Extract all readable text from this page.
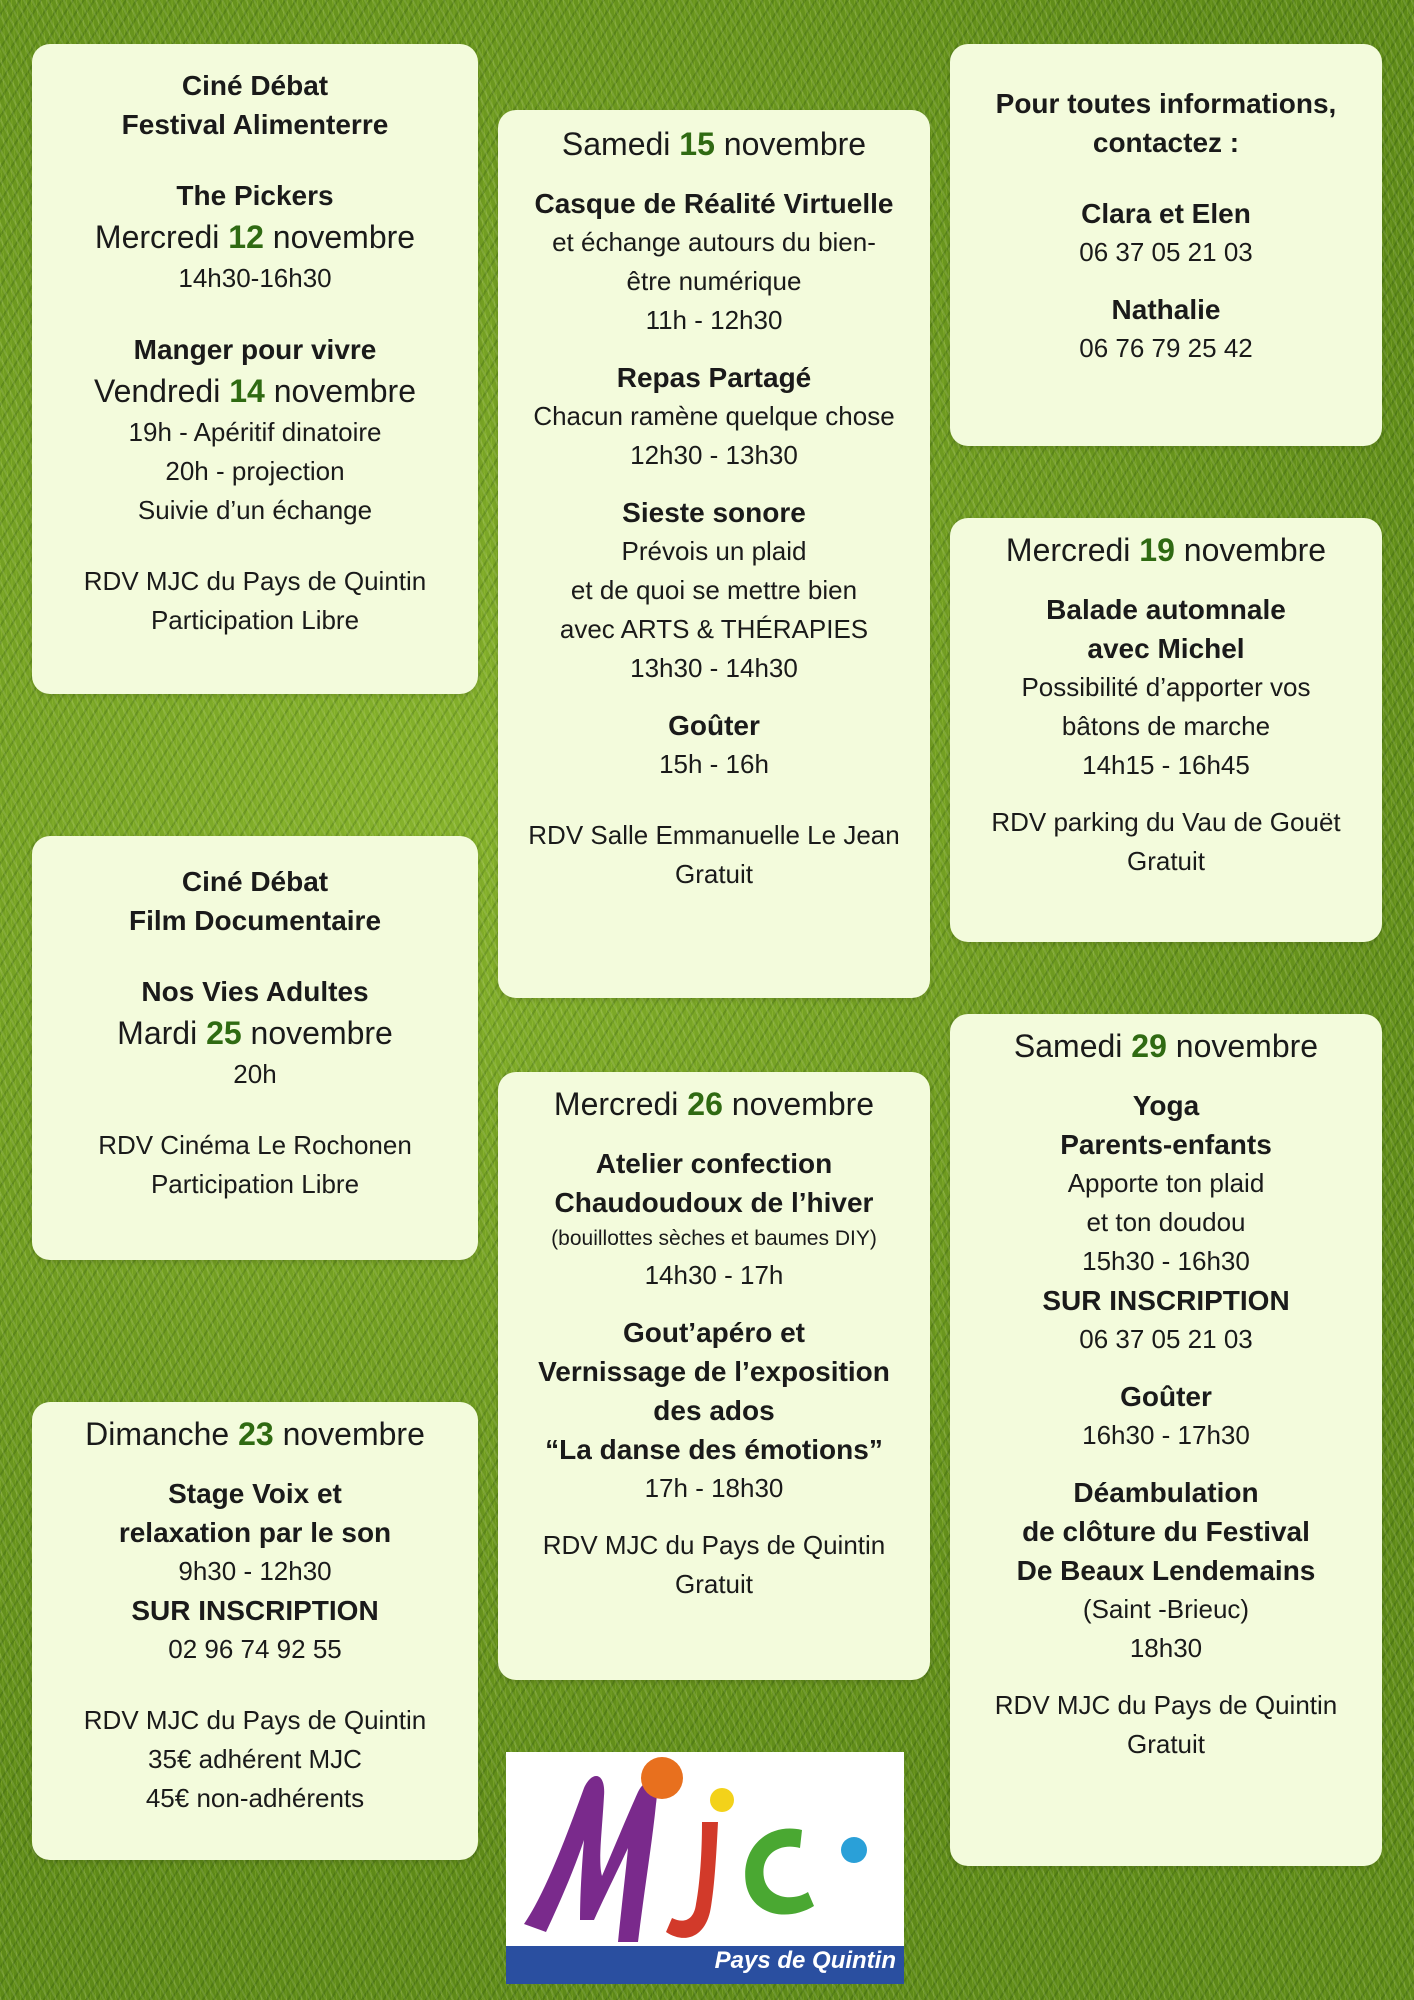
Ciné Débat

Festival Alimenterre

The Pickers

Mercredi 12 novembre

14h30-16h30

Manger pour vivre

Vendredi 14 novembre

19h - Apéritif dinatoire

20h - projection

Suivie d’un échange

RDV MJC du Pays de Quintin

Participation Libre

Samedi 15 novembre

Casque de Réalité Virtuelle

et échange autours du bien-

être numérique

11h - 12h30

Repas Partagé

Chacun ramène quelque chose

12h30 - 13h30

Sieste sonore

Prévois un plaid

et de quoi se mettre bien

avec ARTS & THÉRAPIES

13h30 - 14h30

Goûter

15h - 16h

RDV Salle Emmanuelle Le Jean

Gratuit

Pour toutes informations,

contactez :

Clara et Elen

06 37 05 21 03

Nathalie

06 76 79 25 42

Mercredi 19 novembre

Balade automnale

avec Michel

Possibilité d’apporter vos

bâtons de marche

14h15 - 16h45

RDV parking du Vau de Gouët

Gratuit

Ciné Débat

Film Documentaire

Nos Vies Adultes

Mardi 25 novembre

20h

RDV Cinéma Le Rochonen

Participation Libre

Mercredi 26 novembre

Atelier confection

Chaudoudoux de l’hiver

(bouillottes sèches et baumes DIY)

14h30 - 17h

Gout’apéro et

Vernissage de l’exposition

des ados

“La danse des émotions”

17h - 18h30

RDV MJC du Pays de Quintin

Gratuit

Dimanche 23 novembre

Stage Voix et

relaxation par le son

9h30 - 12h30

SUR INSCRIPTION

02 96 74 92 55

RDV MJC du Pays de Quintin

35€ adhérent MJC

45€ non-adhérents

Samedi 29 novembre

Yoga

Parents-enfants

Apporte ton plaid

et ton doudou

15h30 - 16h30

SUR INSCRIPTION

06 37 05 21 03

Goûter

16h30 - 17h30

Déambulation

de clôture du Festival

De Beaux Lendemains

(Saint -Brieuc)

18h30

RDV MJC du Pays de Quintin

Gratuit

Pays de Quintin
